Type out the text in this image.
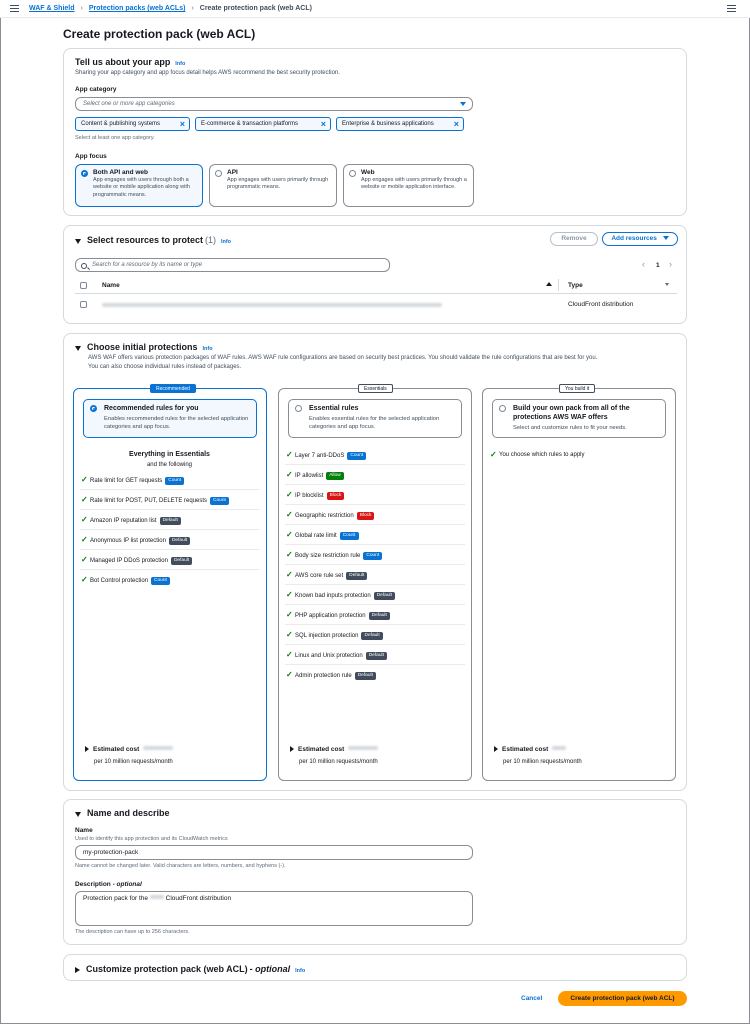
WAF & Shield › Protection packs (web ACLs) › Create protection pack (web ACL)
Create protection pack (web ACL)
Tell us about your app Info
Sharing your app category and app focus detail helps AWS recommend the best security protection.
App category
Select one or more app categories
Content & publishing systems ×	E-commerce & transaction platforms	×	Enterprise & business applications ×
Select at least one app category.
App focus
Both API and web
App engages with users through both a website or mobile application along with programmatic means.
API
App engages with users primarily through programmatic means.
Web
App engages with users primarily through a website or mobile application interface.
Select resources to protect (1) Info	Remove	Add resources
Search for a resource by its name or type	‹ 1 ›
Name	Type
CloudFront distribution
Choose initial protections Info
AWS WAF offers various protection packages of WAF rules. AWS WAF rule configurations are based on security best practices. You should validate the rule configurations that are best for you.
You can also choose individual rules instead of packages.
Recommended
Recommended rules for you
Enables recommended rules for the selected application categories and app focus.
Everything in Essentials
and the following
✓ Rate limit for GET requests Count
✓ Rate limit for POST, PUT, DELETE requests Count
✓ Amazon IP reputation list Default
✓ Anonymous IP list protection Default
✓ Managed IP DDoS protection Default
✓ Bot Control protection Count
Estimated cost
per 10 million requests/month
Essentials
Essential rules
Enables essential rules for the selected application categories and app focus.
✓ Layer 7 anti-DDoS Count
✓ IP allowlist Allow
✓ IP blocklist Block
✓ Geographic restriction Block
✓ Global rate limit Count
✓ Body size restriction rule Count
✓ AWS core rule set Default
✓ Known bad inputs protection Default
✓ PHP application protection Default
✓ SQL injection protection Default
✓ Linux and Unix protection Default
✓ Admin protection rule Default
Estimated cost
per 10 million requests/month
You build it
Build your own pack from all of the protections AWS WAF offers
Select and customize rules to fit your needs.
✓ You choose which rules to apply
Estimated cost
per 10 million requests/month
Name and describe
Name
Used to identify this app protection and its CloudWatch metrics
my-protection-pack
Name cannot be changed later. Valid characters are letters, numbers, and hyphens (-).
Description - optional
Protection pack for the	CloudFront distribution
The description can have up to 256 characters.
Customize protection pack (web ACL) - optional Info
Cancel	Create protection pack (web ACL)
